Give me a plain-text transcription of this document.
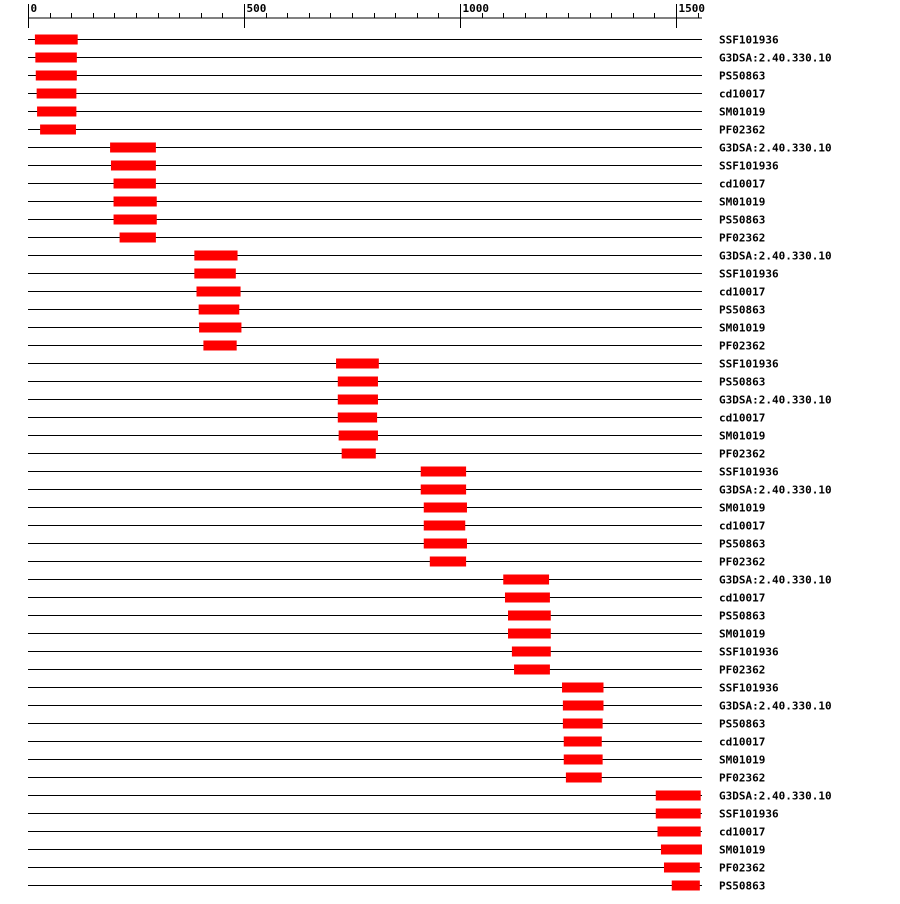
0	500	1000	1500
SSF101936
G3DSA:2.40.330.10
PS50863
cd10017
SM01019
PF02362
G3DSA:2.40.330.10
SSF101936
cd10017
SM01019
PS50863
PF02362
G3DSA:2.40.330.10
SSF101936
cd10017
PS50863
SM01019
PF02362
SSF101936
PS50863
G3DSA:2.40.330.10
cd10017
SM01019
PF02362
SSF101936
G3DSA:2.40.330.10
SM01019
cd10017
PS50863
PF02362
G3DSA:2.40.330.10
cd10017
PS50863
SM01019
SSF101936
PF02362
SSF101936
G3DSA:2.40.330.10
PS50863
cd10017
SM01019
PF02362
G3DSA:2.40.330.10
SSF101936
cd10017
SM01019
PF02362
PS50863
